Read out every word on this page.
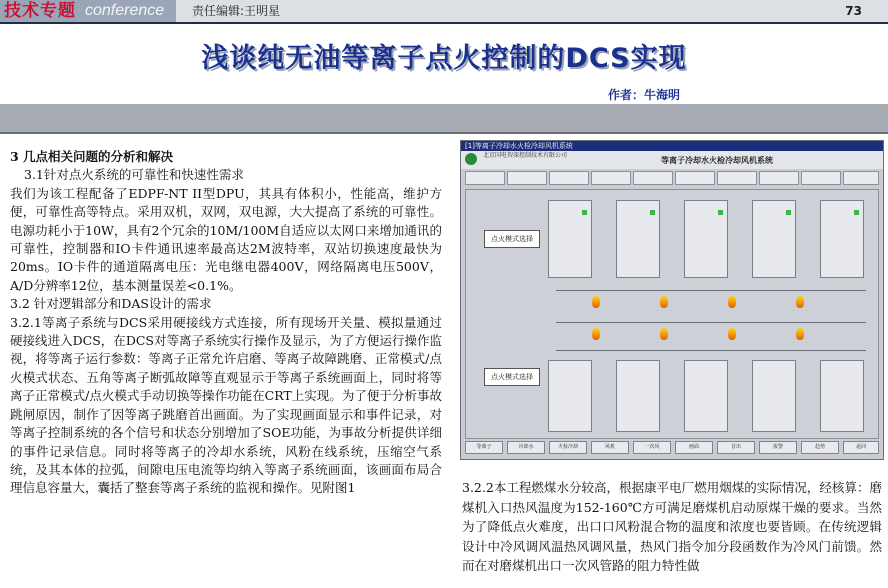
技术专题 conference 责任编辑:王明星	73
浅谈纯无油等离子点火控制的DCS实现
作者：牛海明

3 几点相关问题的分析和解决

3.1针对点火系统的可靠性和快速性需求

我们为该工程配备了EDPF-NT II型DPU，其具有体积小，性能高，维护方便，可靠性高等特点。采用双机，双网，双电源，大大提高了系统的可靠性。电源功耗小于10W，具有2个冗余的10M/100M自适应以太网口来增加通讯的可靠性，控制器和IO卡件通讯速率最高达2M波特率，双站切换速度最快为20ms。IO卡件的通道隔离电压：光电继电器400V，网络隔离电压500V，A/D分辨率12位，基本测量误差<0.1%。

3.2 针对逻辑部分和DAS设计的需求

3.2.1等离子系统与DCS采用硬接线方式连接，所有现场开关量、模拟量通过硬接线进入DCS，在DCS对等离子系统实行操作及显示，为了方便运行操作监视，将等离子运行参数：等离子正常允许启磨、等离子故障跳磨、正常模式/点火模式状态、五角等离子断弧故障等直观显示于等离子系统画面上，同时将等离子正常模式/点火模式手动切换等操作功能在CRT上实现。为了便于分析事故跳闸原因，制作了因等离子跳磨首出画面。为了实现画面显示和事件记录，对等离子控制系统的各个信号和状态分别增加了SOE功能，为事故分析提供详细的事件记录信息。同时将等离子的冷却水系统，风粉在线系统，压缩空气系统，及其本体的拉弧，间隙电压电流等均纳入等离子系统画面，该画面布局合理信息容量大，囊括了整套等离子系统的监视和操作。见附图1

[1]等离子冷却水火检冷却风机系统
北京国电智深控制技术有限公司
等离子冷却水火检冷却风机系统
点火模式选择
点火模式选择
等离子	冷却水	火检冷却	风机	一次风	画面	首出	报警	趋势	返回

3.2.2本工程燃煤水分较高，根据康平电厂燃用烟煤的实际情况，经核算：磨煤机入口热风温度为152-160℃方可满足磨煤机启动原煤干燥的要求。当然为了降低点火难度，出口口风粉混合物的温度和浓度也要皆顾。在传统逻辑设计中冷风调风温热风调风量，热风门指令加分段函数作为冷风门前馈。然而在对磨煤机出口一次风管路的阻力特性做
